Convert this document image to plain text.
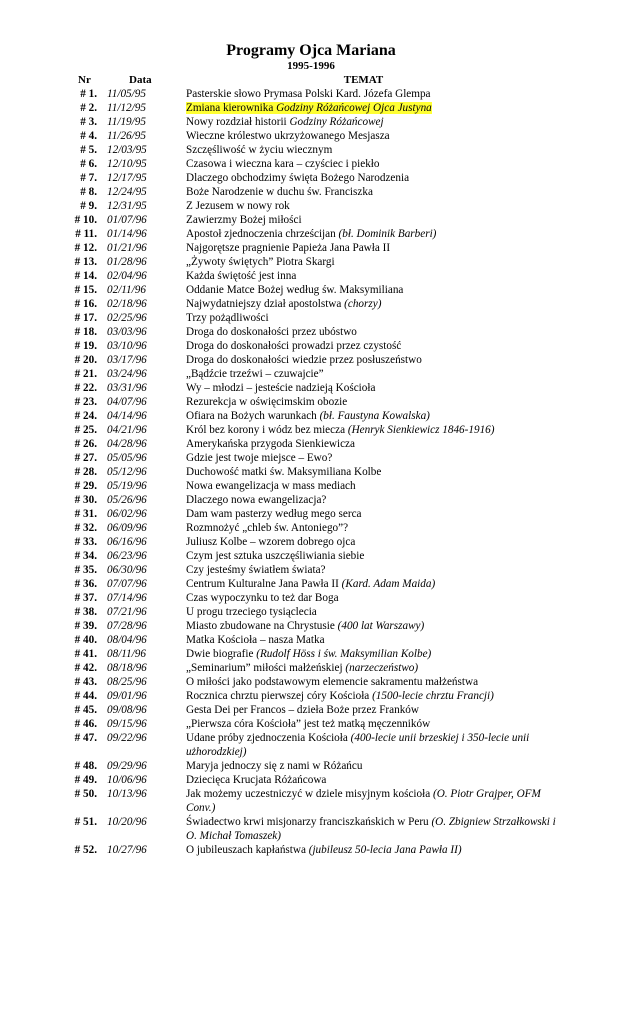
Programy Ojca Mariana
1995-1996
Nr	Data	TEMAT
# 1. 11/05/95	Pasterskie słowo Prymasa Polski Kard. Józefa Glempa
# 2. 11/12/95	Zmiana kierownika Godziny Różańcowej Ojca Justyna
# 3. 11/19/95	Nowy rozdział historii Godziny Różańcowej
# 4. 11/26/95	Wieczne królestwo ukrzyżowanego Mesjasza
# 5. 12/03/95	Szczęśliwość w życiu wiecznym
# 6. 12/10/95	Czasowa i wieczna kara – czyściec i piekło
# 7. 12/17/95	Dlaczego obchodzimy święta Bożego Narodzenia
# 8. 12/24/95	Boże Narodzenie w duchu św. Franciszka
# 9. 12/31/95	Z Jezusem w nowy rok
# 10. 01/07/96	Zawierzmy Bożej miłości
# 11. 01/14/96	Apostoł zjednoczenia chrześcijan (bł. Dominik Barberi)
# 12. 01/21/96	Najgorętsze pragnienie Papieża Jana Pawła II
# 13. 01/28/96	„Żywoty świętych” Piotra Skargi
# 14. 02/04/96	Każda świętość jest inna
# 15. 02/11/96	Oddanie Matce Bożej według św. Maksymiliana
# 16. 02/18/96	Najwydatniejszy dział apostolstwa (chorzy)
# 17. 02/25/96	Trzy pożądliwości
# 18. 03/03/96	Droga do doskonałości przez ubóstwo
# 19. 03/10/96	Droga do doskonałości prowadzi przez czystość
# 20. 03/17/96	Droga do doskonałości wiedzie przez posłuszeństwo
# 21. 03/24/96	„Bądźcie trzeźwi – czuwajcie”
# 22. 03/31/96	Wy – młodzi – jesteście nadzieją Kościoła
# 23. 04/07/96	Rezurekcja w oświęcimskim obozie
# 24. 04/14/96	Ofiara na Bożych warunkach (bł. Faustyna Kowalska)
# 25. 04/21/96	Król bez korony i wódz bez miecza (Henryk Sienkiewicz 1846-1916)
# 26. 04/28/96	Amerykańska przygoda Sienkiewicza
# 27. 05/05/96	Gdzie jest twoje miejsce – Ewo?
# 28. 05/12/96	Duchowość matki św. Maksymiliana Kolbe
# 29. 05/19/96	Nowa ewangelizacja w mass mediach
# 30. 05/26/96	Dlaczego nowa ewangelizacja?
# 31. 06/02/96	Dam wam pasterzy według mego serca
# 32. 06/09/96	Rozmnożyć „chleb św. Antoniego”?
# 33. 06/16/96	Juliusz Kolbe – wzorem dobrego ojca
# 34. 06/23/96	Czym jest sztuka uszczęśliwiania siebie
# 35. 06/30/96	Czy jesteśmy światłem świata?
# 36. 07/07/96	Centrum Kulturalne Jana Pawła II (Kard. Adam Maida)
# 37. 07/14/96	Czas wypoczynku to też dar Boga
# 38. 07/21/96	U progu trzeciego tysiąclecia
# 39. 07/28/96	Miasto zbudowane na Chrystusie (400 lat Warszawy)
# 40. 08/04/96	Matka Kościoła – nasza Matka
# 41. 08/11/96	Dwie biografie (Rudolf Höss i św. Maksymilian Kolbe)
# 42. 08/18/96	„Seminarium” miłości małżeńskiej (narzeczeństwo)
# 43. 08/25/96	O miłości jako podstawowym elemencie sakramentu małżeństwa
# 44. 09/01/96	Rocznica chrztu pierwszej córy Kościoła (1500-lecie chrztu Francji)
# 45. 09/08/96	Gesta Dei per Francos – dzieła Boże przez Franków
# 46. 09/15/96	„Pierwsza córa Kościoła” jest też matką męczenników
# 47. 09/22/96	Udane próby zjednoczenia Kościoła (400-lecie unii brzeskiej i 350-lecie unii użhorodzkiej)
# 48. 09/29/96	Maryja jednoczy się z nami w Różańcu
# 49. 10/06/96	Dziecięca Krucjata Różańcowa
# 50. 10/13/96	Jak możemy uczestniczyć w dziele misyjnym kościoła (O. Piotr Grajper, OFM Conv.)
# 51. 10/20/96	Świadectwo krwi misjonarzy franciszkańskich w Peru (O. Zbigniew Strzałkowski i O. Michał Tomaszek)
# 52. 10/27/96	O jubileuszach kapłaństwa (jubileusz 50-lecia Jana Pawła II)
